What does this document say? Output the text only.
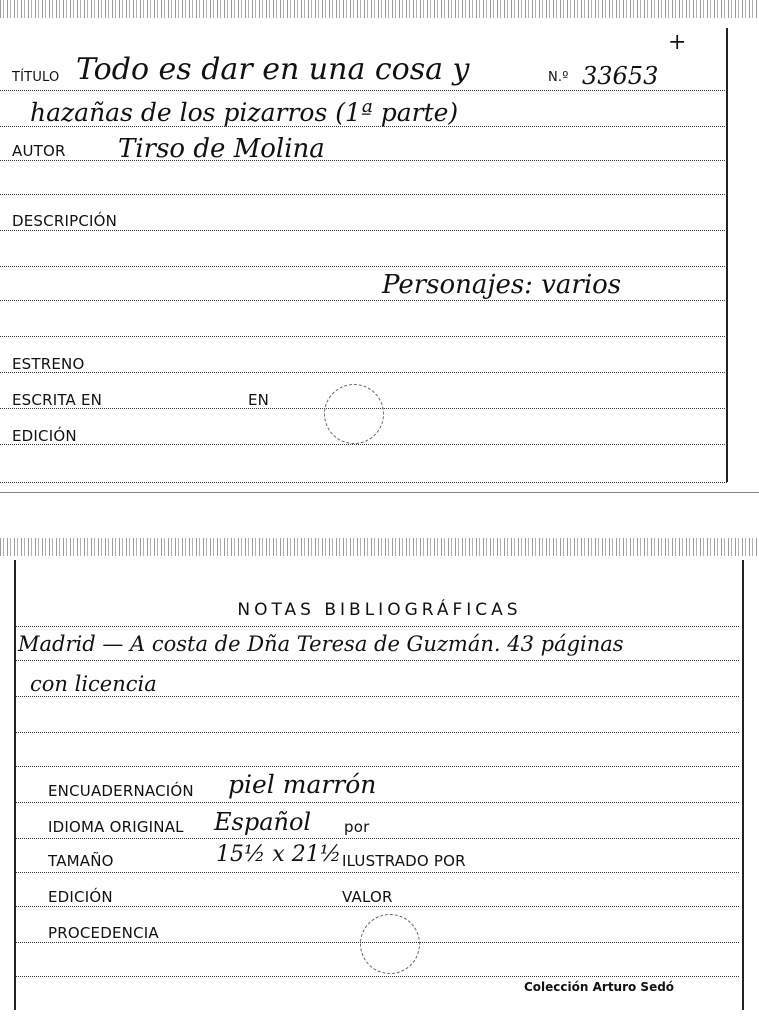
+
TÍTULO Todo es dar en una cosa y	N.º 33653
hazañas de los pizarros (1ª parte)
AUTOR Tirso de Molina
DESCRIPCIÓN
Personajes: varios
ESTRENO
ESCRITA EN	EN
EDICIÓN
NOTAS BIBLIOGRÁFICAS
Madrid — A costa de Dña Teresa de Guzmán. 43 páginas
con licencia
ENCUADERNACIÓN piel marrón
IDIOMA ORIGINAL Español por
TAMAÑO	15½ x 21½ ILUSTRADO POR
EDICIÓN	VALOR
PROCEDENCIA
Colección Arturo Sedó
